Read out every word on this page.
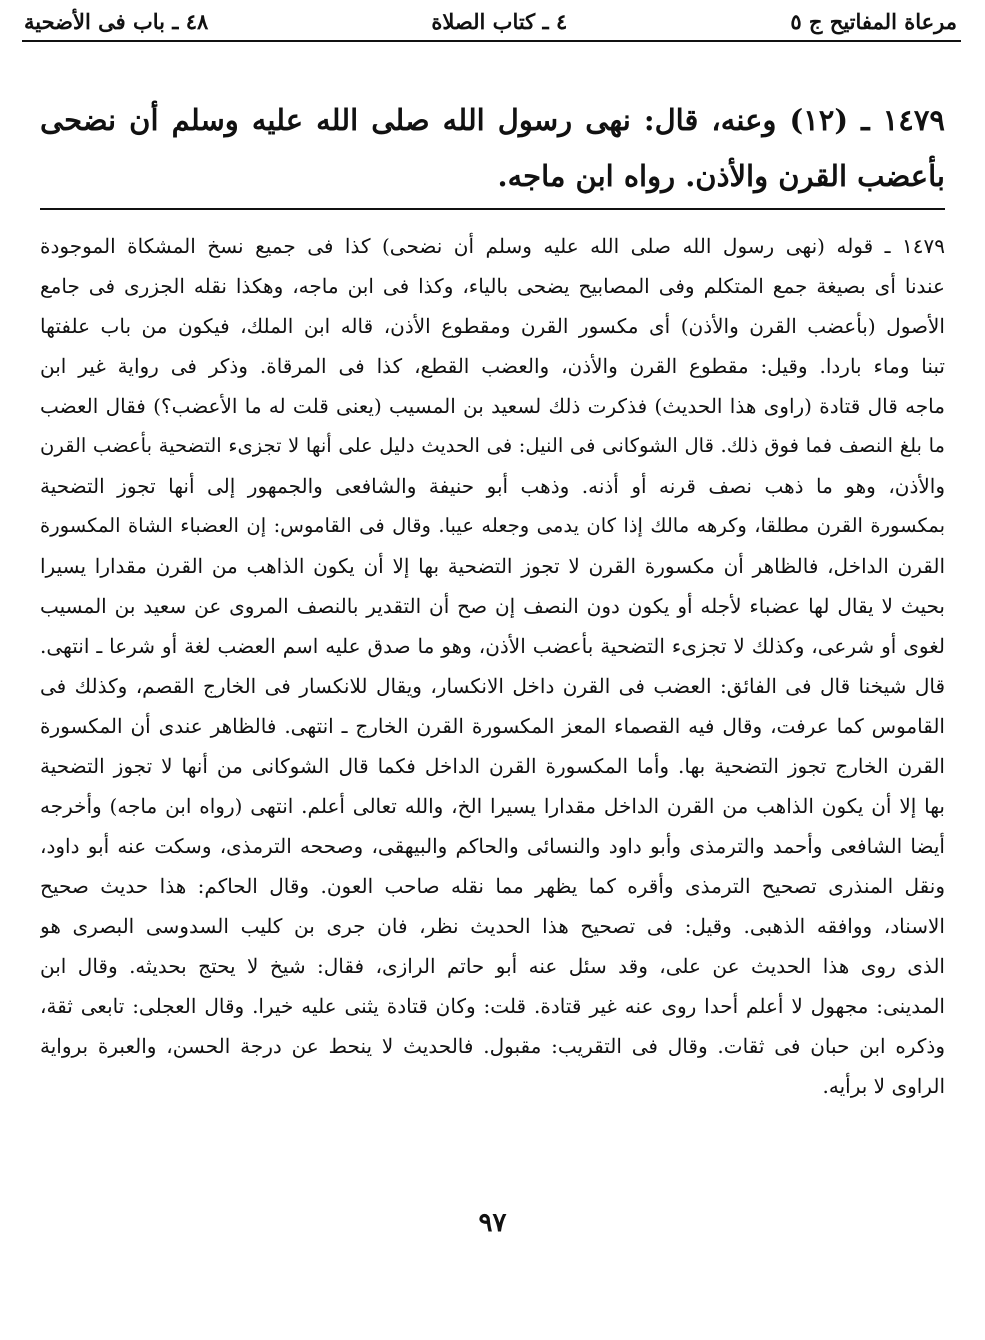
مرعاة المفاتيح ج ٥
٤ ـ كتاب الصلاة
٤٨ ـ باب فى الأضحية
١٤٧٩ ـ (١٢) وعنه، قال: نهى رسول الله صلى الله عليه وسلم أن نضحى بأعضب القرن والأذن. رواه ابن ماجه.
١٤٧٩ ـ قوله (نهى رسول الله صلى الله عليه وسلم أن نضحى) كذا فى جميع نسخ المشكاة الموجودة
عندنا أى بصيغة جمع المتكلم وفى المصابيح يضحى بالياء، وكذا فى ابن ماجه، وهكذا نقله الجزرى فى جامع
الأصول (بأعضب القرن والأذن) أى مكسور القرن ومقطوع الأذن، قاله ابن الملك، فيكون من باب علفتها
تبنا وماء باردا. وقيل: مقطوع القرن والأذن، والعضب القطع، كذا فى المرقاة. وذكر فى رواية غير ابن
ماجه قال قتادة (راوى هذا الحديث) فذكرت ذلك لسعيد بن المسيب (يعنى قلت له ما الأعضب؟) فقال العضب
ما بلغ النصف فما فوق ذلك. قال الشوكانى فى النيل: فى الحديث دليل على أنها لا تجزىء التضحية بأعضب القرن
والأذن، وهو ما ذهب نصف قرنه أو أذنه. وذهب أبو حنيفة والشافعى والجمهور إلى أنها تجوز التضحية
بمكسورة القرن مطلقا، وكرهه مالك إذا كان يدمى وجعله عيبا. وقال فى القاموس: إن العضباء الشاة المكسورة
القرن الداخل، فالظاهر أن مكسورة القرن لا تجوز التضحية بها إلا أن يكون الذاهب من القرن مقدارا يسيرا
بحيث لا يقال لها عضباء لأجله أو يكون دون النصف إن صح أن التقدير بالنصف المروى عن سعيد بن المسيب
لغوى أو شرعى، وكذلك لا تجزىء التضحية بأعضب الأذن، وهو ما صدق عليه اسم العضب لغة أو شرعا ـ انتهى.
قال شيخنا قال فى الفائق: العضب فى القرن داخل الانكسار، ويقال للانكسار فى الخارج القصم، وكذلك فى
القاموس كما عرفت، وقال فيه القصماء المعز المكسورة القرن الخارج ـ انتهى. فالظاهر عندى أن المكسورة
القرن الخارج تجوز التضحية بها. وأما المكسورة القرن الداخل فكما قال الشوكانى من أنها لا تجوز التضحية
بها إلا أن يكون الذاهب من القرن الداخل مقدارا يسيرا الخ، والله تعالى أعلم. انتهى (رواه ابن ماجه) وأخرجه
أيضا الشافعى وأحمد والترمذى وأبو داود والنسائى والحاكم والبيهقى، وصححه الترمذى، وسكت عنه أبو داود،
ونقل المنذرى تصحيح الترمذى وأقره كما يظهر مما نقله صاحب العون. وقال الحاكم: هذا حديث صحيح
الاسناد، ووافقه الذهبى. وقيل: فى تصحيح هذا الحديث نظر، فان جرى بن كليب السدوسى البصرى هو
الذى روى هذا الحديث عن على، وقد سئل عنه أبو حاتم الرازى، فقال: شيخ لا يحتج بحديثه. وقال ابن
المدينى: مجهول لا أعلم أحدا روى عنه غير قتادة. قلت: وكان قتادة يثنى عليه خيرا. وقال العجلى: تابعى ثقة،
وذكره ابن حبان فى ثقات. وقال فى التقريب: مقبول. فالحديث لا ينحط عن درجة الحسن، والعبرة برواية
الراوى لا برأيه.
٩٧
